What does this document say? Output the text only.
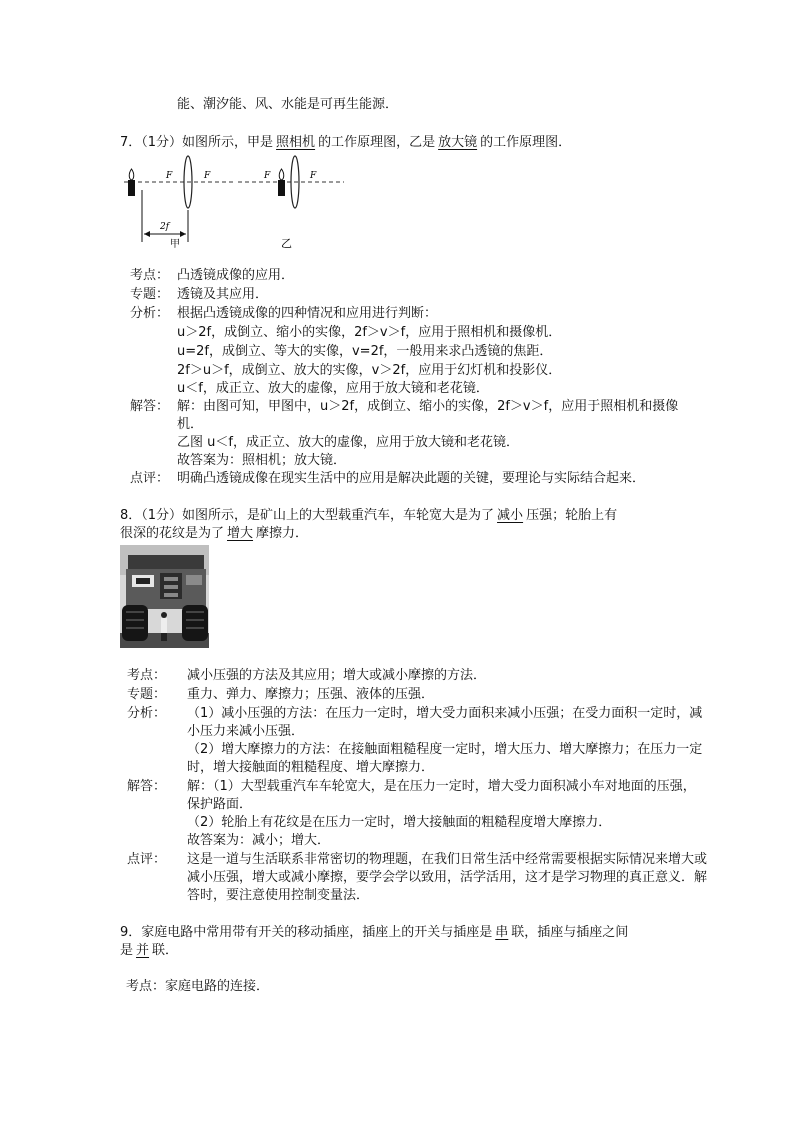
能、潮汐能、风、水能是可再生能源．
7．（1分）如图所示，甲是 照相机 的工作原理图，乙是 放大镜 的工作原理图．
F	F
2f
甲
F	F
乙
考点： 凸透镜成像的应用．
专题： 透镜及其应用．
分析： 根据凸透镜成像的四种情况和应用进行判断：
u＞2f，成倒立、缩小的实像，2f＞v＞f，应用于照相机和摄像机．
u=2f，成倒立、等大的实像，v=2f，一般用来求凸透镜的焦距．
2f＞u＞f，成倒立、放大的实像，v＞2f，应用于幻灯机和投影仪．
u＜f，成正立、放大的虚像，应用于放大镜和老花镜．
解答： 解：由图可知，甲图中，u＞2f，成倒立、缩小的实像，2f＞v＞f，应用于照相机和摄像
机．
乙图 u＜f，成正立、放大的虚像，应用于放大镜和老花镜．
故答案为：照相机；放大镜．
点评： 明确凸透镜成像在现实生活中的应用是解决此题的关键，要理论与实际结合起来．
8．（1分）如图所示，是矿山上的大型载重汽车，车轮宽大是为了 减小 压强；轮胎上有
很深的花纹是为了 增大 摩擦力．
考点： 减小压强的方法及其应用；增大或减小摩擦的方法．
专题： 重力、弹力、摩擦力；压强、液体的压强．
分析： （1）减小压强的方法：在压力一定时，增大受力面积来减小压强；在受力面积一定时，减
小压力来减小压强．
（2）增大摩擦力的方法：在接触面粗糙程度一定时，增大压力、增大摩擦力；在压力一定
时，增大接触面的粗糙程度、增大摩擦力．
解答： 解：（1）大型载重汽车车轮宽大，是在压力一定时，增大受力面积减小车对地面的压强，
保护路面．
（2）轮胎上有花纹是在压力一定时，增大接触面的粗糙程度增大摩擦力．
故答案为：减小；增大．
点评： 这是一道与生活联系非常密切的物理题，在我们日常生活中经常需要根据实际情况来增大或
减小压强，增大或减小摩擦，要学会学以致用，活学活用，这才是学习物理的真正意义．解
答时，要注意使用控制变量法．
9．家庭电路中常用带有开关的移动插座，插座上的开关与插座是 串 联，插座与插座之间
是 并 联．
考点：家庭电路的连接．
